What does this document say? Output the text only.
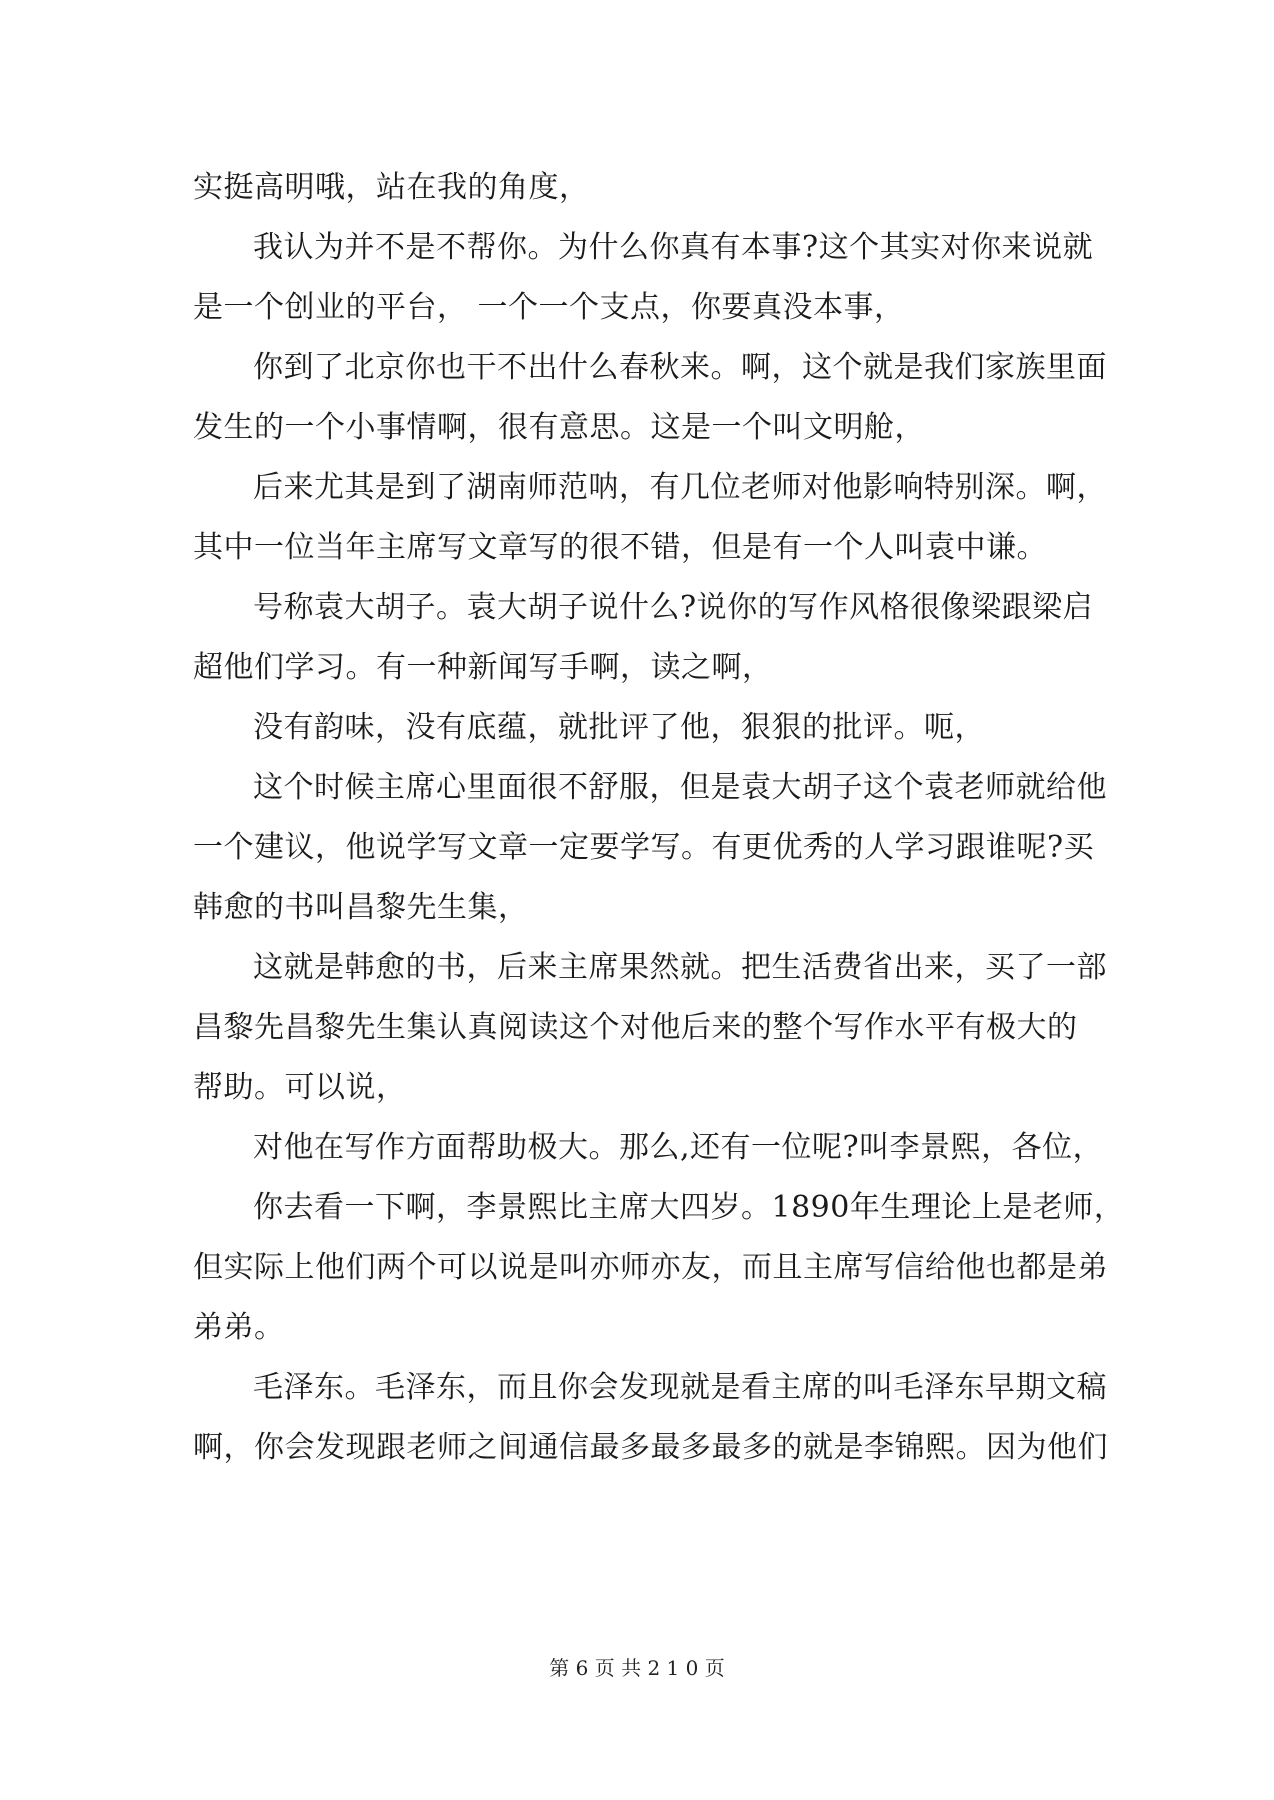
实挺高明哦，站在我的角度，
我认为并不是不帮你。为什么你真有本事?这个其实对你来说就
是一个创业的平台， 一个一个支点，你要真没本事，
你到了北京你也干不出什么春秋来。啊，这个就是我们家族里面
发生的一个小事情啊，很有意思。这是一个叫文明舱，
后来尤其是到了湖南师范呐，有几位老师对他影响特别深。啊，
其中一位当年主席写文章写的很不错，但是有一个人叫袁中谦。
号称袁大胡子。袁大胡子说什么?说你的写作风格很像梁跟梁启
超他们学习。有一种新闻写手啊，读之啊，
没有韵味，没有底蕴，就批评了他，狠狠的批评。呃，
这个时候主席心里面很不舒服，但是袁大胡子这个袁老师就给他
一个建议，他说学写文章一定要学写。有更优秀的人学习跟谁呢?买
韩愈的书叫昌黎先生集，
这就是韩愈的书，后来主席果然就。把生活费省出来，买了一部
昌黎先昌黎先生集认真阅读这个对他后来的整个写作水平有极大的
帮助。可以说，
对他在写作方面帮助极大。那么,还有一位呢?叫李景熙，各位，
你去看一下啊，李景熙比主席大四岁。1890年生理论上是老师，
但实际上他们两个可以说是叫亦师亦友，而且主席写信给他也都是弟
弟弟。
毛泽东。毛泽东，而且你会发现就是看主席的叫毛泽东早期文稿
啊，你会发现跟老师之间通信最多最多最多的就是李锦熙。因为他们
第 6 页 共 2 1 0 页
